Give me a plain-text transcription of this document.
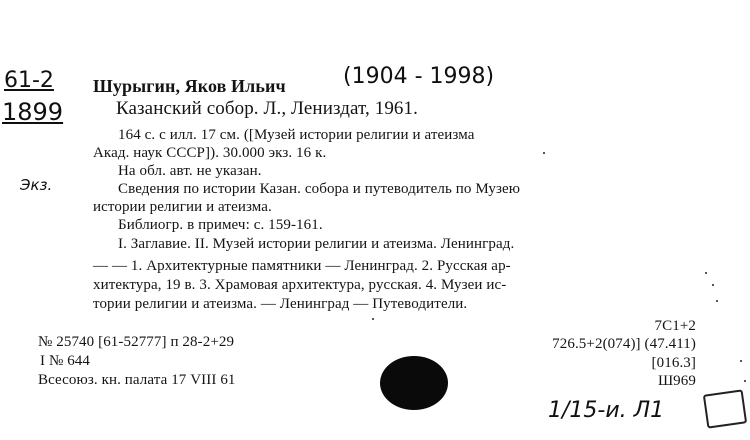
61-2
1899
(1904 - 1998)
Экз.
1/15-и. Л1
Шурыгин, Яков Ильич
Казанский собор. Л., Лениздат, 1961.
164 с. с илл. 17 см. ([Музей истории религии и атеизма
Акад. наук СССР]). 30.000 экз. 16 к.
На обл. авт. не указан.
Сведения по истории Казан. собора и путеводитель по Музею
истории религии и атеизма.
Библиогр. в примеч: с. 159-161.
I. Заглавие. II. Музей истории религии и атеизма. Ленинград.
— — 1. Архитектурные памятники — Ленинград. 2. Русская ар-
хитектура, 19 в. 3. Храмовая архитектура, русская. 4. Музеи ис-
тории религии и атеизма. — Ленинград — Путеводители.
№ 25740 [61-52777] п 28-2+29
I № 644
Всесоюз. кн. палата 17 VIII 61
7С1+2
726.5+2(074)] (47.411)
[016.3]
Ш969
